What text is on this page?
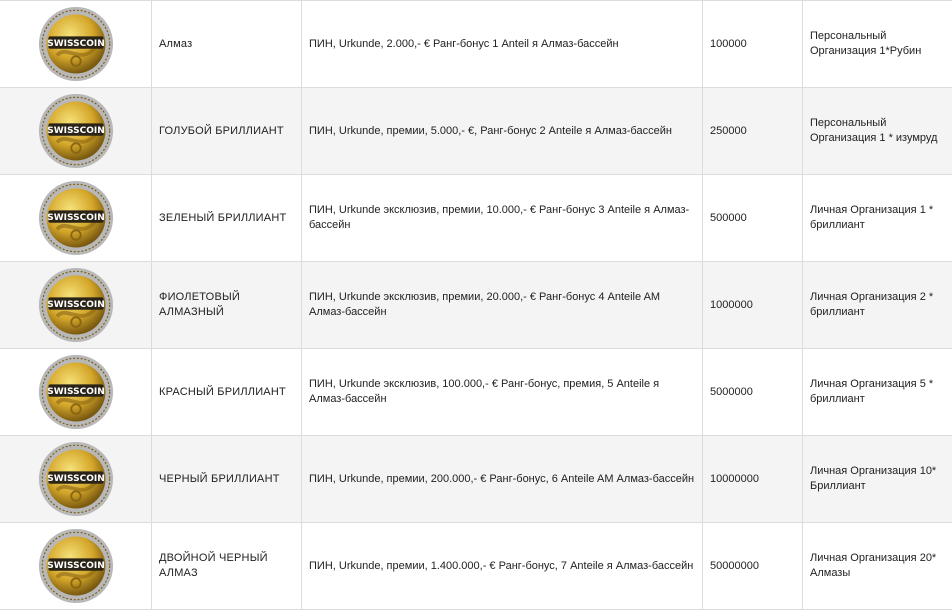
SWISSCOIN	Алмаз	ПИН, Urkunde, 2.000,- € Ранг-бонус 1 Anteil я Алмаз-бассейн	100000	Персональный Организация 1*Рубин

SWISSCOIN	ГОЛУБОЙ БРИЛЛИАНТ	ПИН, Urkunde, премии, 5.000,- €, Ранг-бонус 2 Anteile я Алмаз-бассейн	250000	Персональный Организация 1 * изумруд

SWISSCOIN	ЗЕЛЕНЫЙ БРИЛЛИАНТ	ПИН, Urkunde эксклюзив, премии, 10.000,- € Ранг-бонус 3 Anteile я Алмаз-бассейн	500000	Личная Организация 1 * бриллиант

SWISSCOIN	ФИОЛЕТОВЫЙ АЛМАЗНЫЙ	ПИН, Urkunde эксклюзив, премии, 20.000,- € Ранг-бонус 4 Anteile AM Алмаз-бассейн	1000000	Личная Организация 2 * бриллиант

SWISSCOIN	КРАСНЫЙ БРИЛЛИАНТ	ПИН, Urkunde эксклюзив, 100.000,- € Ранг-бонус, премия, 5 Anteile я Алмаз-бассейн	5000000	Личная Организация 5 * бриллиант

SWISSCOIN	ЧЕРНЫЙ БРИЛЛИАНТ	ПИН, Urkunde, премии, 200.000,- € Ранг-бонус, 6 Anteile AM Алмаз-бассейн	10000000	Личная Организация 10* Бриллиант

SWISSCOIN	ДВОЙНОЙ ЧЕРНЫЙ АЛМАЗ	ПИН, Urkunde, премии, 1.400.000,- € Ранг-бонус, 7 Anteile я Алмаз-бассейн	50000000	Личная Организация 20* Алмазы
